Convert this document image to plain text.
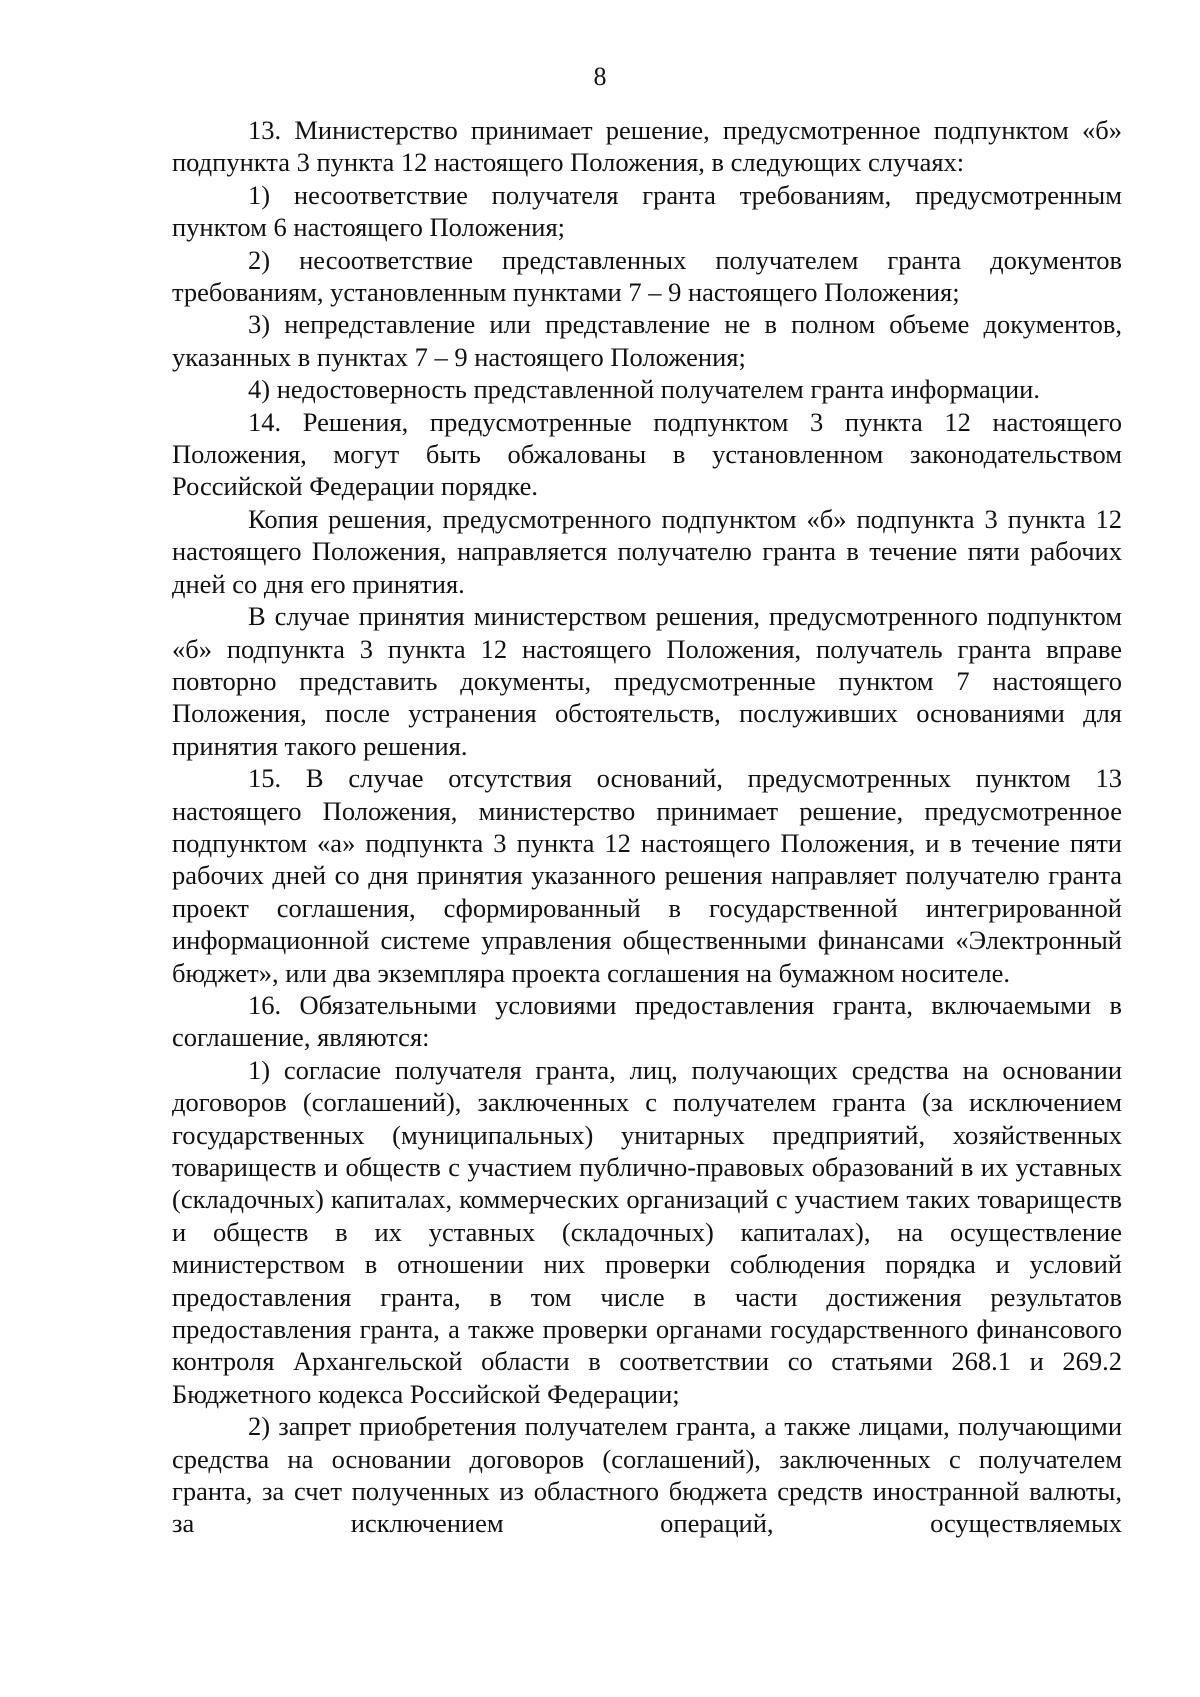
8

13. Министерство принимает решение, предусмотренное подпунктом «б» подпункта 3 пункта 12 настоящего Положения, в следующих случаях:

1) несоответствие получателя гранта требованиям, предусмотренным пунктом 6 настоящего Положения;

2) несоответствие представленных получателем гранта документов требованиям, установленным пунктами 7 – 9 настоящего Положения;

3) непредставление или представление не в полном объеме документов, указанных в пунктах 7 – 9 настоящего Положения;

4) недостоверность представленной получателем гранта информации.

14. Решения, предусмотренные подпунктом 3 пункта 12 настоящего Положения, могут быть обжалованы в установленном законодательством Российской Федерации порядке.

Копия решения, предусмотренного подпунктом «б» подпункта 3 пункта 12 настоящего Положения, направляется получателю гранта в течение пяти рабочих дней со дня его принятия.

В случае принятия министерством решения, предусмотренного подпунктом «б» подпункта 3 пункта 12 настоящего Положения, получатель гранта вправе повторно представить документы, предусмотренные пунктом 7 настоящего Положения, после устранения обстоятельств, послуживших основаниями для принятия такого решения.

15. В случае отсутствия оснований, предусмотренных пунктом 13 настоящего Положения, министерство принимает решение, предусмотренное подпунктом «а» подпункта 3 пункта 12 настоящего Положения, и в течение пяти рабочих дней со дня принятия указанного решения направляет получателю гранта проект соглашения, сформированный в государственной интегрированной информационной системе управления общественными финансами «Электронный бюджет», или два экземпляра проекта соглашения на бумажном носителе.

16. Обязательными условиями предоставления гранта, включаемыми в соглашение, являются:

1) согласие получателя гранта, лиц, получающих средства на основании договоров (соглашений), заключенных с получателем гранта (за исключением государственных (муниципальных) унитарных предприятий, хозяйственных товариществ и обществ с участием публично-правовых образований в их уставных (складочных) капиталах, коммерческих организаций с участием таких товариществ и обществ в их уставных (складочных) капиталах), на осуществление министерством в отношении них проверки соблюдения порядка и условий предоставления гранта, в том числе в части достижения результатов предоставления гранта, а также проверки органами государственного финансового контроля Архангельской области в соответствии со статьями 268.1 и 269.2 Бюджетного кодекса Российской Федерации;

2) запрет приобретения получателем гранта, а также лицами, получающими средства на основании договоров (соглашений), заключенных с получателем гранта, за счет полученных из областного бюджета средств иностранной валюты, за исключением операций, осуществляемых
